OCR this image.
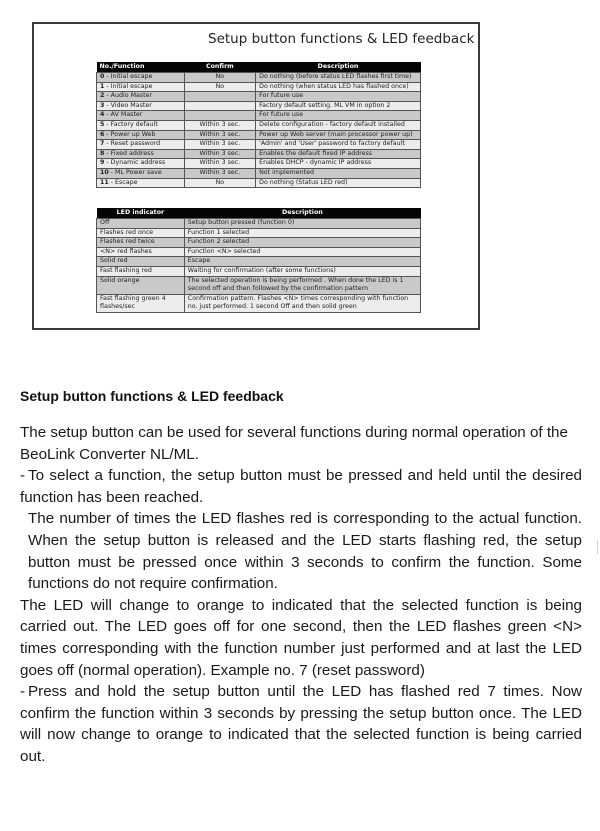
Setup button functions & LED feedback
No./Function	Confirm	Description
0 - Initial escape	No	Do nothing (before status LED flashes first time)
1 - Initial escape	No	Do nothing (when status LED has flashed once)
2 - Audio Master		For future use
3 - Video Master		Factory default setting. ML VM in option 2
4 - AV Master		For future use
5 - Factory default	Within 3 sec.	Delete configuration - factory default installed
6 - Power up Web	Within 3 sec.	Power up Web server (main processor power up)
7 - Reset password	Within 3 sec.	'Admin' and 'User' password to factory default
8 - Fixed address	Within 3 sec.	Enables the default fixed IP address
9 - Dynamic address	Within 3 sec.	Enables DHCP - dynamic IP address
10 - ML Power save	Within 3 sec.	Not implemented
11 - Escape	No	Do nothing (Status LED red)
LED indicator	Description
Off	Setup button pressed (function 0)
Flashes red once	Function 1 selected
Flashes red twice	Function 2 selected
<N> red flashes	Function <N> selected
Solid red	Escape
Fast flashing red	Waiting for confirmation (after some functions)
Solid orange	The selected operation is being performed . When done the LED is 1 second off and then followed by the confirmation pattern
Fast flashing green 4 flashes/sec	Confirmation pattern. Flashes <N> times corresponding with function no. just performed. 1 second Off and then solid green
Setup button functions & LED feedback

The setup button can be used for several functions during normal operation of the BeoLink Converter NL/ML.

- To select a function, the setup button must be pressed and held until the desired function has been reached.

The number of times the LED flashes red is corresponding to the actual function. When the setup button is released and the LED starts flashing red, the setup button must be pressed once within 3 seconds to confirm the function. Some functions do not require confirmation.

The LED will change to orange to indicated that the selected function is being carried out. The LED goes off for one second, then the LED flashes green <N> times corresponding with the function number just performed and at last the LED goes off (normal operation). Example no. 7 (reset password)

- Press and hold the setup button until the LED has flashed red 7 times. Now confirm the function within 3 seconds by pressing the setup button once. The LED will now change to orange to indicated that the selected function is being carried out.
